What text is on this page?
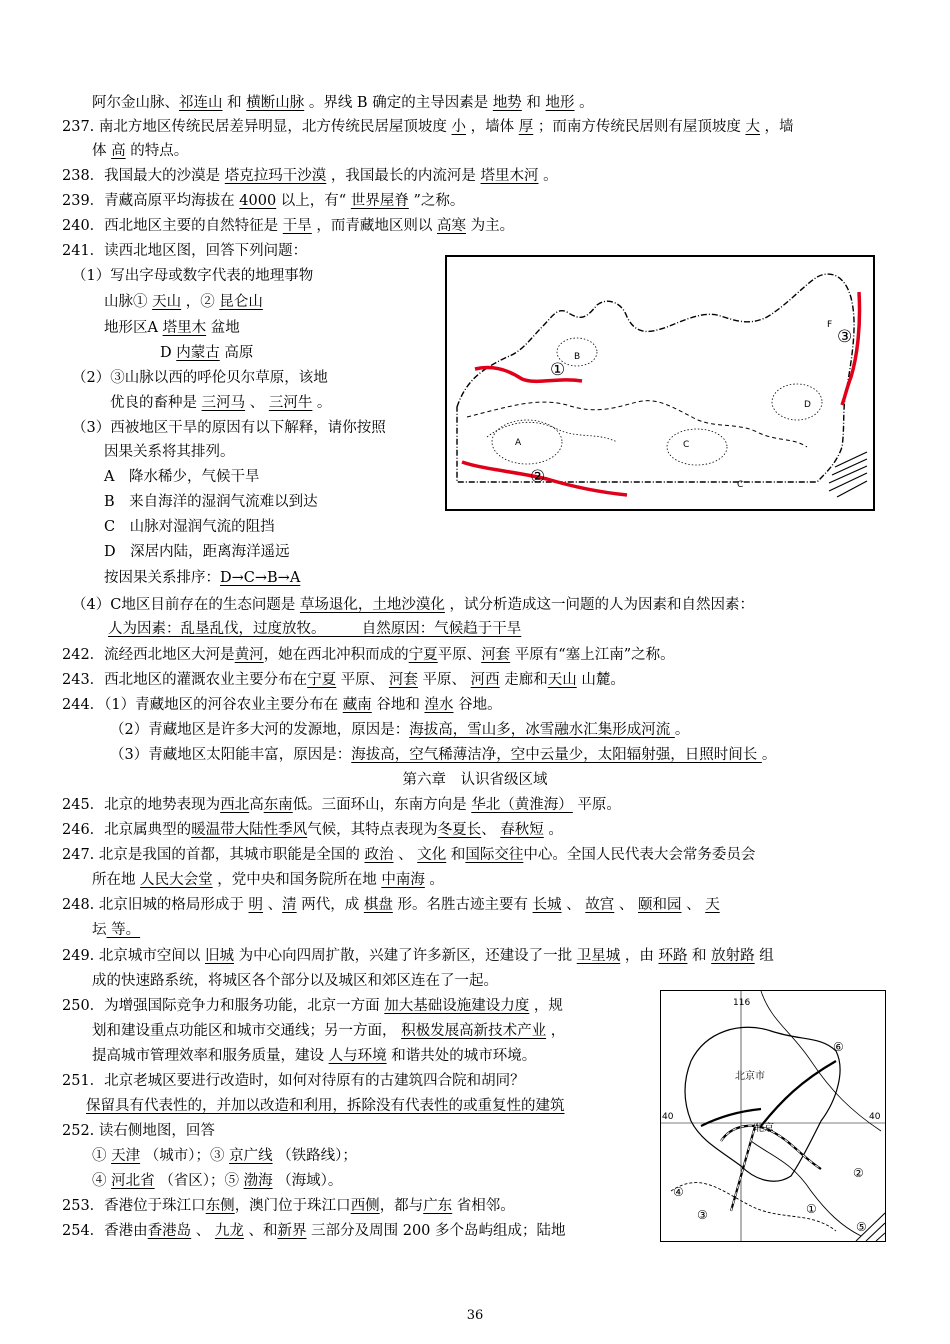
阿尔金山脉、祁连山 和 横断山脉 。界线 B 确定的主导因素是 地势 和 地形 。
237. 南北方地区传统民居差异明显，北方传统民居屋顶坡度 小 ，墙体 厚 ；而南方传统民居则有屋顶坡度 大 ，墙
体 高 的特点。
238．我国最大的沙漠是 塔克拉玛干沙漠 ，我国最长的内流河是 塔里木河 。
239．青藏高原平均海拔在 4000 以上，有“ 世界屋脊 ”之称。
240．西北地区主要的自然特征是 干旱 ，而青藏地区则以 高寒 为主。
241．读西北地区图，回答下列问题：
（1）写出字母或数字代表的地理事物
山脉① 天山 ，② 昆仑山
地形区A 塔里木 盆地
D 内蒙古 高原
（2）③山脉以西的呼伦贝尔草原，该地
优良的畜种是 三河马 、 三河牛 。
（3）西被地区干旱的原因有以下解释，请你按照
因果关系将其排列。
A　降水稀少，气候干旱
B　来自海洋的湿润气流难以到达
C　山脉对湿润气流的阻挡
D　深居内陆，距离海洋遥远
按因果关系排序：D→C→B→A
（4）C地区目前存在的生态问题是 草场退化，土地沙漠化 ，试分析造成这一问题的人为因素和自然因素：
人为因素：乱垦乱伐，过度放牧。　　　自然原因：气候趋于干旱
242．流经西北地区大河是黄河，她在西北冲积而成的宁夏平原、河套 平原有“塞上江南”之称。
243．西北地区的灌溉农业主要分布在宁夏 平原、 河套 平原、 河西 走廊和天山 山麓。
244．（1）青藏地区的河谷农业主要分布在 藏南 谷地和 湟水 谷地。
（2）青藏地区是许多大河的发源地，原因是：海拔高，雪山多，冰雪融水汇集形成河流 。
（3）青藏地区太阳能丰富，原因是：海拔高，空气稀薄洁净，空中云量少，太阳辐射强，日照时间长 。
第六章　认识省级区域
245．北京的地势表现为西北高东南低。三面环山，东南方向是 华北（黄淮海） 平原。
246．北京属典型的暖温带大陆性季风气候，其特点表现为冬夏长、 春秋短 。
247. 北京是我国的首都，其城市职能是全国的 政治 、 文化 和国际交往中心。全国人民代表大会常务委员会
所在地 人民大会堂 ，党中央和国务院所在地 中南海 。
248. 北京旧城的格局形成于 明 、清 两代，成 棋盘 形。名胜古迹主要有 长城 、 故宫 、 颐和园 、 天
坛 等。
249. 北京城市空间以 旧城 为中心向四周扩散，兴建了许多新区，还建设了一批 卫星城 ，由 环路 和 放射路 组
成的快速路系统，将城区各个部分以及城区和郊区连在了一起。
250．为增强国际竞争力和服务功能，北京一方面 加大基础设施建设力度 ，规
划和建设重点功能区和城市交通线；另一方面， 积极发展高新技术产业 ，
提高城市管理效率和服务质量，建设 人与环境 和谐共处的城市环境。
251．北京老城区要进行改造时，如何对待原有的古建筑四合院和胡同？
保留具有代表性的，并加以改造和利用，拆除没有代表性的或重复性的建筑
252. 读右侧地图，回答
① 天津 （城市）；③ 京广线 （铁路线）；
④ 河北省 （省区）；⑤ 渤海 （海域）。
253．香港位于珠江口东侧，澳门位于珠江口西侧，都与广东 省相邻。
254．香港由香港岛 、 九龙 、和新界 三部分及周围 200 多个岛屿组成；陆地
①
②
③
A
B
C
C
D
F
北京市
北京
①
②
③
④
⑤
⑥
116
40	40
36
